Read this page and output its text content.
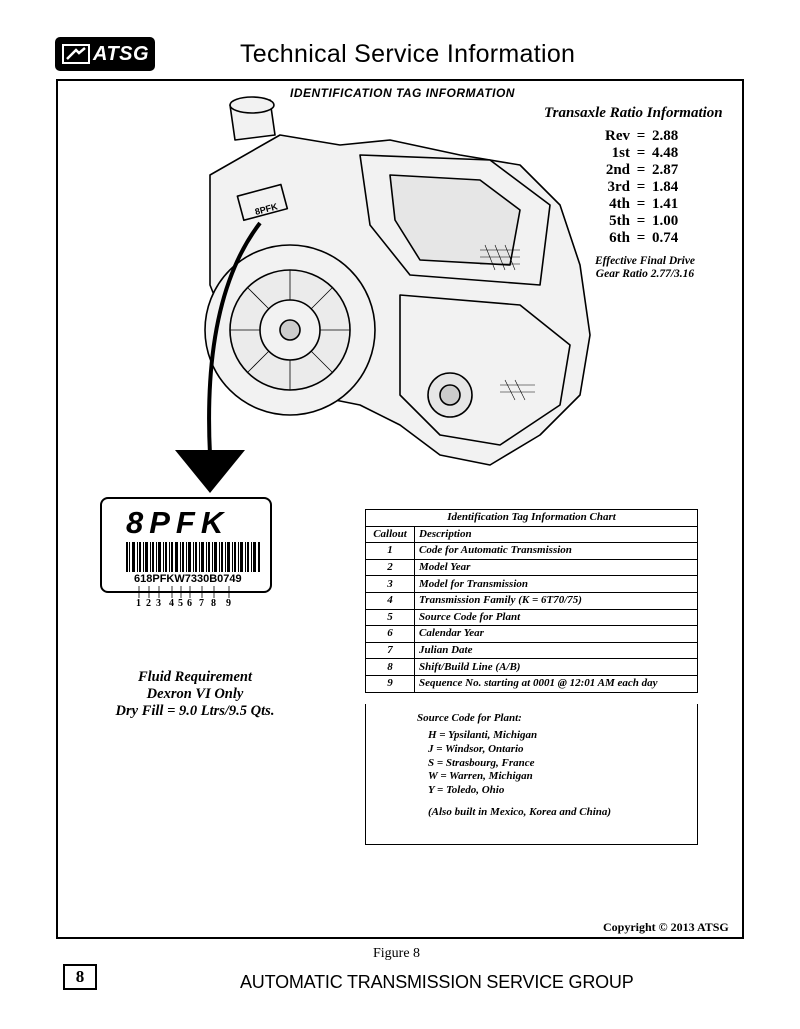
ATSG	Technical Service Information
IDENTIFICATION TAG INFORMATION
8PFK
Transaxle Ratio Information
Rev = 2.88
1st = 4.48
2nd = 2.87
3rd = 1.84
4th = 1.41
5th = 1.00
6th = 0.74
Effective Final Drive
Gear Ratio 2.77/3.16
8PFK
618PFKW7330B0749
1 2 3 4 5 6 7 8 9
Fluid Requirement
Dexron VI Only
Dry Fill = 9.0 Ltrs/9.5 Qts.
Identification Tag Information Chart	
Callout	Description
1	Code for Automatic Transmission
2	Model Year
3	Model for Transmission
4	Transmission Family (K = 6T70/75)
5	Source Code for Plant
6	Calendar Year
7	Julian Date
8	Shift/Build Line (A/B)
9	Sequence No. starting at 0001 @ 12:01 AM each day
Source Code for Plant:
H = Ypsilanti, Michigan
J = Windsor, Ontario
S = Strasbourg, France
W = Warren, Michigan
Y = Toledo, Ohio
(Also built in Mexico, Korea and China)
Copyright © 2013 ATSG
Figure 8
8	AUTOMATIC TRANSMISSION SERVICE GROUP
